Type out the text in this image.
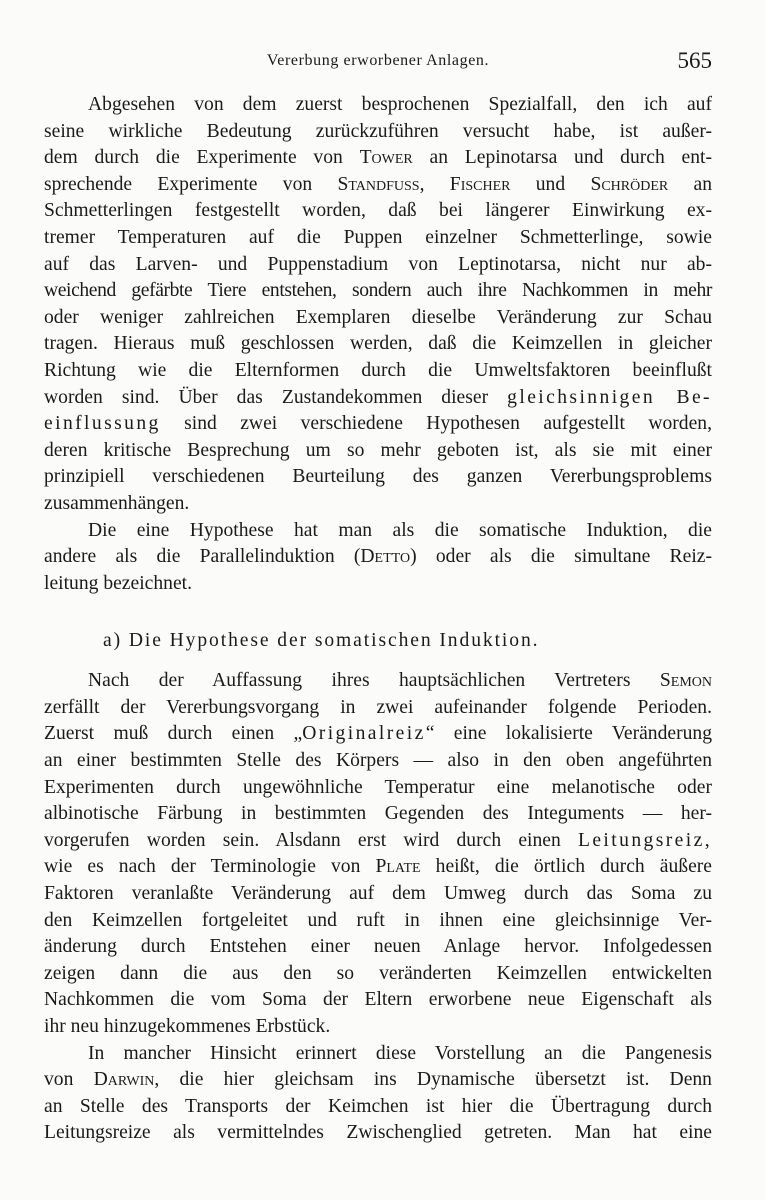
Vererbung erworbener Anlagen.	565
Abgesehen von dem zuerst besprochenen Spezialfall, den ich auf
seine wirkliche Bedeutung zurückzuführen versucht habe, ist außer-
dem durch die Experimente von Tower an Lepinotarsa und durch ent-
sprechende Experimente von Standfuss, Fischer und Schröder an
Schmetterlingen festgestellt worden, daß bei längerer Einwirkung ex-
tremer Temperaturen auf die Puppen einzelner Schmetterlinge, sowie
auf das Larven- und Puppenstadium von Leptinotarsa, nicht nur ab-
weichend gefärbte Tiere entstehen, sondern auch ihre Nachkommen in mehr
oder weniger zahlreichen Exemplaren dieselbe Veränderung zur Schau
tragen. Hieraus muß geschlossen werden, daß die Keimzellen in gleicher
Richtung wie die Elternformen durch die Umweltsfaktoren beeinflußt
worden sind. Über das Zustandekommen dieser gleichsinnigen Be-
einflussung sind zwei verschiedene Hypothesen aufgestellt worden,
deren kritische Besprechung um so mehr geboten ist, als sie mit einer
prinzipiell verschiedenen Beurteilung des ganzen Vererbungsproblems
zusammenhängen.
Die eine Hypothese hat man als die somatische Induktion, die
andere als die Parallelinduktion (Detto) oder als die simultane Reiz-
leitung bezeichnet.
a) Die Hypothese der somatischen Induktion.
Nach der Auffassung ihres hauptsächlichen Vertreters Semon
zerfällt der Vererbungsvorgang in zwei aufeinander folgende Perioden.
Zuerst muß durch einen „Originalreiz“ eine lokalisierte Veränderung
an einer bestimmten Stelle des Körpers — also in den oben angeführten
Experimenten durch ungewöhnliche Temperatur eine melanotische oder
albinotische Färbung in bestimmten Gegenden des Integuments — her-
vorgerufen worden sein. Alsdann erst wird durch einen Leitungsreiz,
wie es nach der Terminologie von Plate heißt, die örtlich durch äußere
Faktoren veranlaßte Veränderung auf dem Umweg durch das Soma zu
den Keimzellen fortgeleitet und ruft in ihnen eine gleichsinnige Ver-
änderung durch Entstehen einer neuen Anlage hervor. Infolgedessen
zeigen dann die aus den so veränderten Keimzellen entwickelten
Nachkommen die vom Soma der Eltern erworbene neue Eigenschaft als
ihr neu hinzugekommenes Erbstück.
In mancher Hinsicht erinnert diese Vorstellung an die Pangenesis
von Darwin, die hier gleichsam ins Dynamische übersetzt ist. Denn
an Stelle des Transports der Keimchen ist hier die Übertragung durch
Leitungsreize als vermittelndes Zwischenglied getreten. Man hat eine
